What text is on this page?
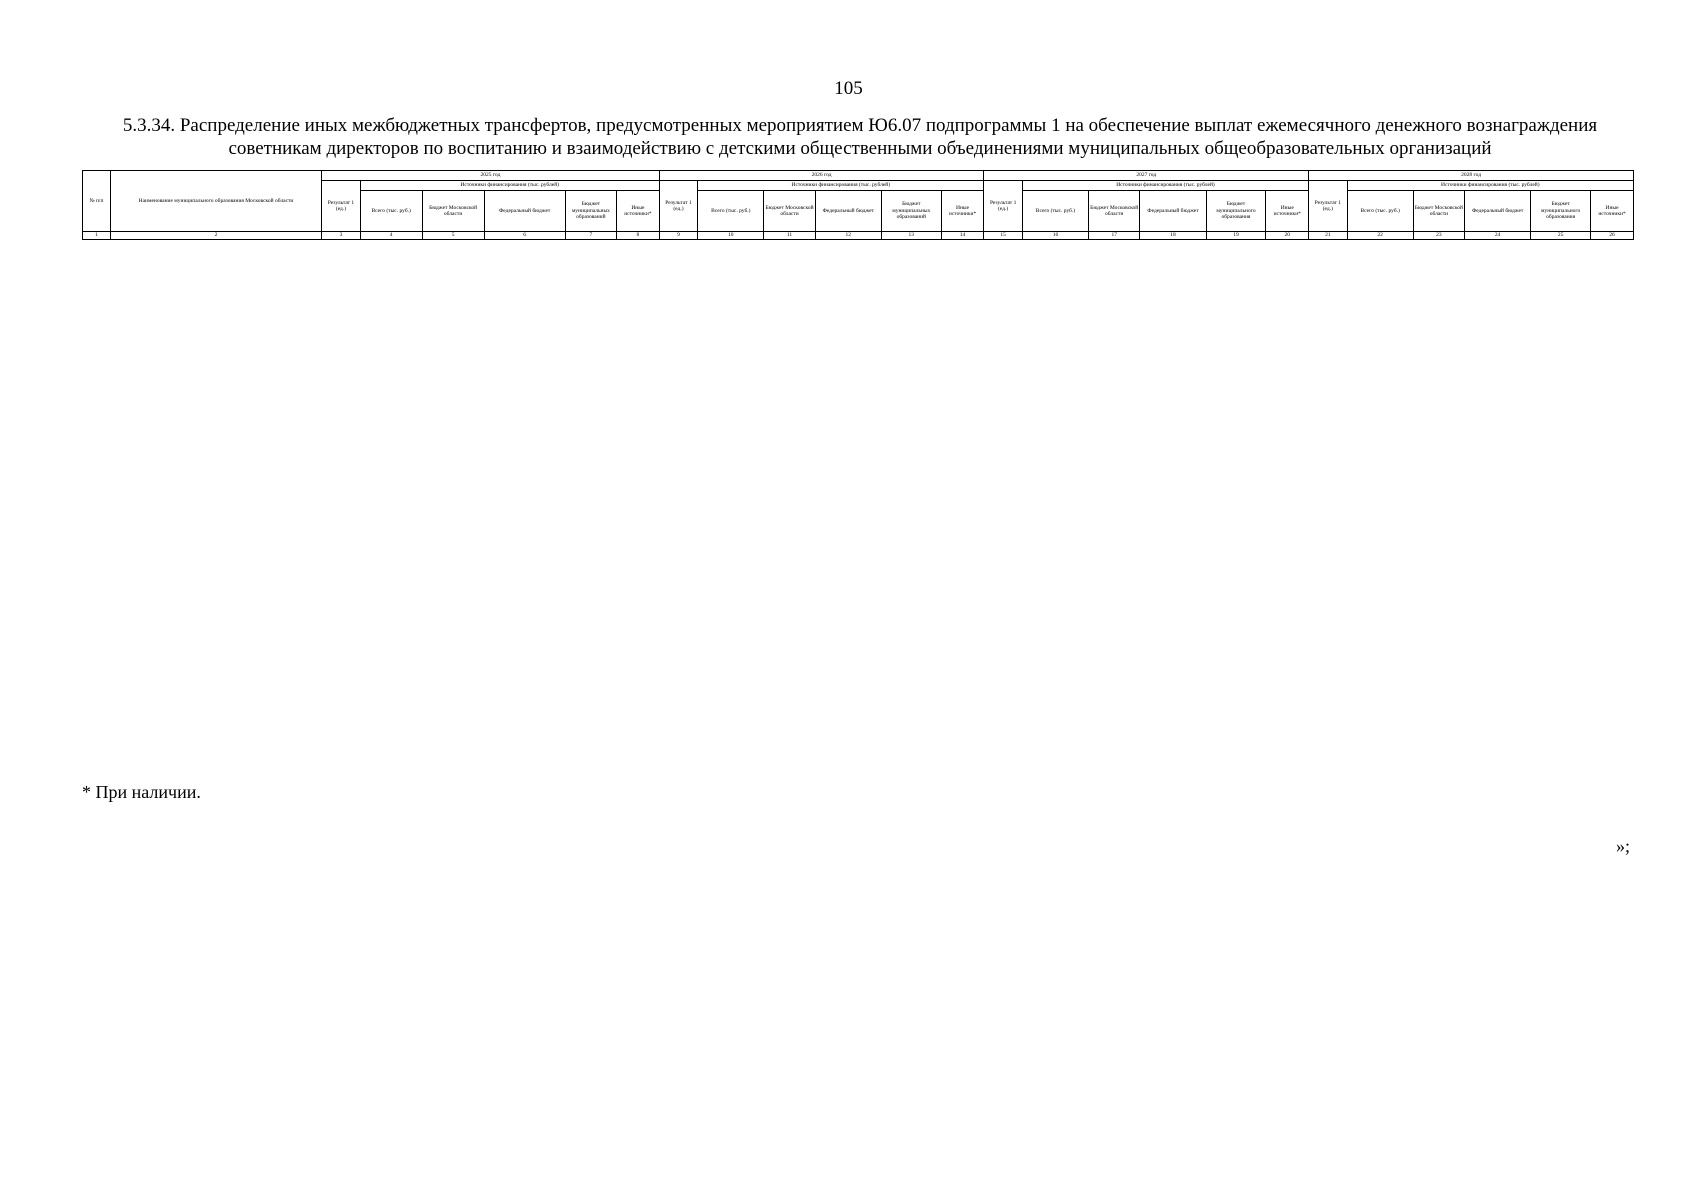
105
5.3.34. Распределение иных межбюджетных трансфертов, предусмотренных мероприятием Ю6.07 подпрограммы 1 на обеспечение выплат ежемесячного денежного вознаграждения советникам директоров по воспитанию и взаимодействию с детскими общественными объединениями муниципальных общеобразовательных организаций
№ п/п	Наименование муниципального образования Московской области	2025 год						2026 год						2027 год						2028 год					
		Результат 1 (ед.)	Источники финансирования (тыс. рублей)					Результат 1 (ед.)	Источники финансирования (тыс. рублей)					Результат 1 (ед.)	Источники финансирования (тыс. рублей)					Результат 1 (ед.)	Источники финансирования (тыс. рублей)				
			Всего (тыс. руб.)	Бюджет Московской области	Федеральный бюджет	Бюджет муниципальных образований	Иные источники*		Всего (тыс. руб.)	Бюджет Московской области	Федеральный бюджет	Бюджет муниципальных образований	Иные источники*		Всего (тыс. руб.)	Бюджет Московской области	Федеральный бюджет	Бюджет муниципального образования	Иные источники*		Всего (тыс. руб.)	Бюджет Московской области	Федеральный бюджет	Бюджет муниципального образования	Иные источники*
1	2	3	4	5	6	7	8	9	10	11	12	13	14	15	16	17	18	19	20	21	22	23	24	25	26
* При наличии.
»;
